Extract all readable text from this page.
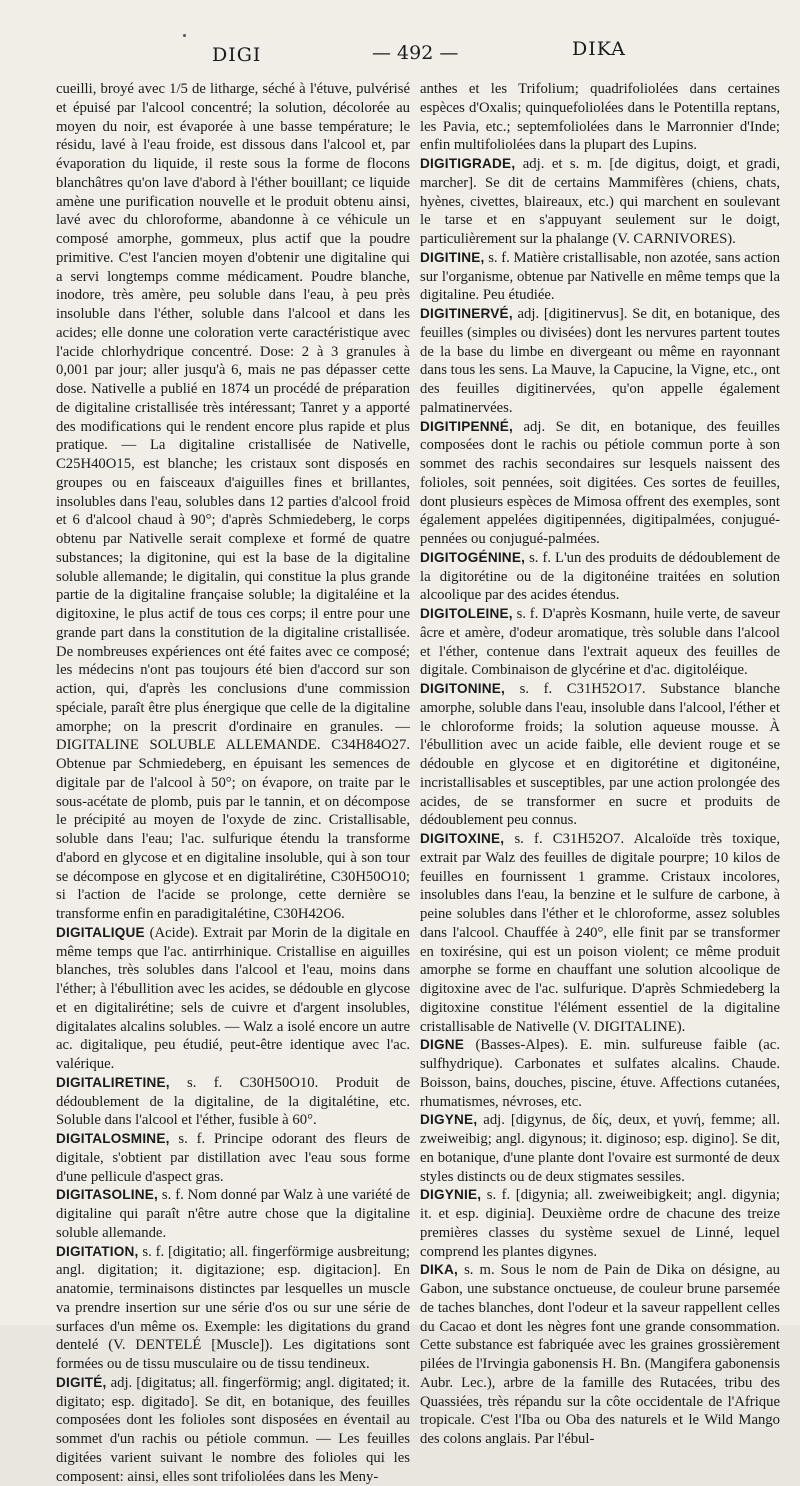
DIGI	— 492 —	DIKA

cueilli, broyé avec 1/5 de litharge, séché à l'étuve, pulvérisé et épuisé par l'alcool concentré; la solution, décolorée au moyen du noir, est évaporée à une basse température; le résidu, lavé à l'eau froide, est dissous dans l'alcool et, par évaporation du liquide, il reste sous la forme de flocons blanchâtres qu'on lave d'abord à l'éther bouillant; ce liquide amène une purification nouvelle et le produit obtenu ainsi, lavé avec du chloroforme, abandonne à ce véhicule un composé amorphe, gommeux, plus actif que la poudre primitive. C'est l'ancien moyen d'obtenir une digitaline qui a servi longtemps comme médicament. Poudre blanche, inodore, très amère, peu soluble dans l'eau, à peu près insoluble dans l'éther, soluble dans l'alcool et dans les acides; elle donne une coloration verte caractéristique avec l'acide chlorhydrique concentré. Dose: 2 à 3 granules à 0,001 par jour; aller jusqu'à 6, mais ne pas dépasser cette dose. Nativelle a publié en 1874 un procédé de préparation de digitaline cristallisée très intéressant; Tanret y a apporté des modifications qui le rendent encore plus rapide et plus pratique. — La digitaline cristallisée de Nativelle, C25H40O15, est blanche; les cristaux sont disposés en groupes ou en faisceaux d'aiguilles fines et brillantes, insolubles dans l'eau, solubles dans 12 parties d'alcool froid et 6 d'alcool chaud à 90°; d'après Schmiedeberg, le corps obtenu par Nativelle serait complexe et formé de quatre substances; la digitonine, qui est la base de la digitaline soluble allemande; le digitalin, qui constitue la plus grande partie de la digitaline française soluble; la digitaléine et la digitoxine, le plus actif de tous ces corps; il entre pour une grande part dans la constitution de la digitaline cristallisée. De nombreuses expériences ont été faites avec ce composé; les médecins n'ont pas toujours été bien d'accord sur son action, qui, d'après les conclusions d'une commission spéciale, paraît être plus énergique que celle de la digitaline amorphe; on la prescrit d'ordinaire en granules. — DIGITALINE SOLUBLE ALLEMANDE. C34H84O27. Obtenue par Schmiedeberg, en épuisant les semences de digitale par de l'alcool à 50°; on évapore, on traite par le sous-acétate de plomb, puis par le tannin, et on décompose le précipité au moyen de l'oxyde de zinc. Cristallisable, soluble dans l'eau; l'ac. sulfurique étendu la transforme d'abord en glycose et en digitaline insoluble, qui à son tour se décompose en glycose et en digitalirétine, C30H50O10; si l'action de l'acide se prolonge, cette dernière se transforme enfin en paradigitalétine, C30H42O6.

DIGITALIQUE (Acide). Extrait par Morin de la digitale en même temps que l'ac. antirrhinique. Cristallise en aiguilles blanches, très solubles dans l'alcool et l'eau, moins dans l'éther; à l'ébullition avec les acides, se dédouble en glycose et en digitalirétine; sels de cuivre et d'argent insolubles, digitalates alcalins solubles. — Walz a isolé encore un autre ac. digitalique, peu étudié, peut-être identique avec l'ac. valérique.

DIGITALIRETINE, s. f. C30H50O10. Produit de dédoublement de la digitaline, de la digitalétine, etc. Soluble dans l'alcool et l'éther, fusible à 60°.

DIGITALOSMINE, s. f. Principe odorant des fleurs de digitale, s'obtient par distillation avec l'eau sous forme d'une pellicule d'aspect gras.

DIGITASOLINE, s. f. Nom donné par Walz à une variété de digitaline qui paraît n'être autre chose que la digitaline soluble allemande.

DIGITATION, s. f. [digitatio; all. fingerförmige ausbreitung; angl. digitation; it. digitazione; esp. digitacion]. En anatomie, terminaisons distinctes par lesquelles un muscle va prendre insertion sur une série d'os ou sur une série de surfaces d'un même os. Exemple: les digitations du grand dentelé (V. DENTELÉ [Muscle]). Les digitations sont formées ou de tissu musculaire ou de tissu tendineux.

DIGITÉ, adj. [digitatus; all. fingerförmig; angl. digitated; it. digitato; esp. digitado]. Se dit, en botanique, des feuilles composées dont les folioles sont disposées en éventail au sommet d'un rachis ou pétiole commun. — Les feuilles digitées varient suivant le nombre des folioles qui les composent: ainsi, elles sont trifoliolées dans les Meny-

anthes et les Trifolium; quadrifoliolées dans certaines espèces d'Oxalis; quinquefoliolées dans le Potentilla reptans, les Pavia, etc.; septemfoliolées dans le Marronnier d'Inde; enfin multifoliolées dans la plupart des Lupins.

DIGITIGRADE, adj. et s. m. [de digitus, doigt, et gradi, marcher]. Se dit de certains Mammifères (chiens, chats, hyènes, civettes, blaireaux, etc.) qui marchent en soulevant le tarse et en s'appuyant seulement sur le doigt, particulièrement sur la phalange (V. CARNIVORES).

DIGITINE, s. f. Matière cristallisable, non azotée, sans action sur l'organisme, obtenue par Nativelle en même temps que la digitaline. Peu étudiée.

DIGITINERVÉ, adj. [digitinervus]. Se dit, en botanique, des feuilles (simples ou divisées) dont les nervures partent toutes de la base du limbe en divergeant ou même en rayonnant dans tous les sens. La Mauve, la Capucine, la Vigne, etc., ont des feuilles digitinervées, qu'on appelle également palmatinervées.

DIGITIPENNÉ, adj. Se dit, en botanique, des feuilles composées dont le rachis ou pétiole commun porte à son sommet des rachis secondaires sur lesquels naissent des folioles, soit pennées, soit digitées. Ces sortes de feuilles, dont plusieurs espèces de Mimosa offrent des exemples, sont également appelées digitipennées, digitipalmées, conjugué-pennées ou conjugué-palmées.

DIGITOGÉNINE, s. f. L'un des produits de dédoublement de la digitorétine ou de la digitonéine traitées en solution alcoolique par des acides étendus.

DIGITOLEINE, s. f. D'après Kosmann, huile verte, de saveur âcre et amère, d'odeur aromatique, très soluble dans l'alcool et l'éther, contenue dans l'extrait aqueux des feuilles de digitale. Combinaison de glycérine et d'ac. digitoléique.

DIGITONINE, s. f. C31H52O17. Substance blanche amorphe, soluble dans l'eau, insoluble dans l'alcool, l'éther et le chloroforme froids; la solution aqueuse mousse. À l'ébullition avec un acide faible, elle devient rouge et se dédouble en glycose et en digitorétine et digitonéine, incristallisables et susceptibles, par une action prolongée des acides, de se transformer en sucre et produits de dédoublement peu connus.

DIGITOXINE, s. f. C31H52O7. Alcaloïde très toxique, extrait par Walz des feuilles de digitale pourpre; 10 kilos de feuilles en fournissent 1 gramme. Cristaux incolores, insolubles dans l'eau, la benzine et le sulfure de carbone, à peine solubles dans l'éther et le chloroforme, assez solubles dans l'alcool. Chauffée à 240°, elle finit par se transformer en toxirésine, qui est un poison violent; ce même produit amorphe se forme en chauffant une solution alcoolique de digitoxine avec de l'ac. sulfurique. D'après Schmiedeberg la digitoxine constitue l'élément essentiel de la digitaline cristallisable de Nativelle (V. DIGITALINE).

DIGNE (Basses-Alpes). E. min. sulfureuse faible (ac. sulfhydrique). Carbonates et sulfates alcalins. Chaude. Boisson, bains, douches, piscine, étuve. Affections cutanées, rhumatismes, névroses, etc.

DIGYNE, adj. [digynus, de δίς, deux, et γυνή, femme; all. zweiweibig; angl. digynous; it. diginoso; esp. digino]. Se dit, en botanique, d'une plante dont l'ovaire est surmonté de deux styles distincts ou de deux stigmates sessiles.

DIGYNIE, s. f. [digynia; all. zweiweibigkeit; angl. digynia; it. et esp. diginia]. Deuxième ordre de chacune des treize premières classes du système sexuel de Linné, lequel comprend les plantes digynes.

DIKA, s. m. Sous le nom de Pain de Dika on désigne, au Gabon, une substance onctueuse, de couleur brune parsemée de taches blanches, dont l'odeur et la saveur rappellent celles du Cacao et dont les nègres font une grande consommation. Cette substance est fabriquée avec les graines grossièrement pilées de l'Irvingia gabonensis H. Bn. (Mangifera gabonensis Aubr. Lec.), arbre de la famille des Rutacées, tribu des Quassiées, très répandu sur la côte occidentale de l'Afrique tropicale. C'est l'Iba ou Oba des naturels et le Wild Mango des colons anglais. Par l'ébul-
